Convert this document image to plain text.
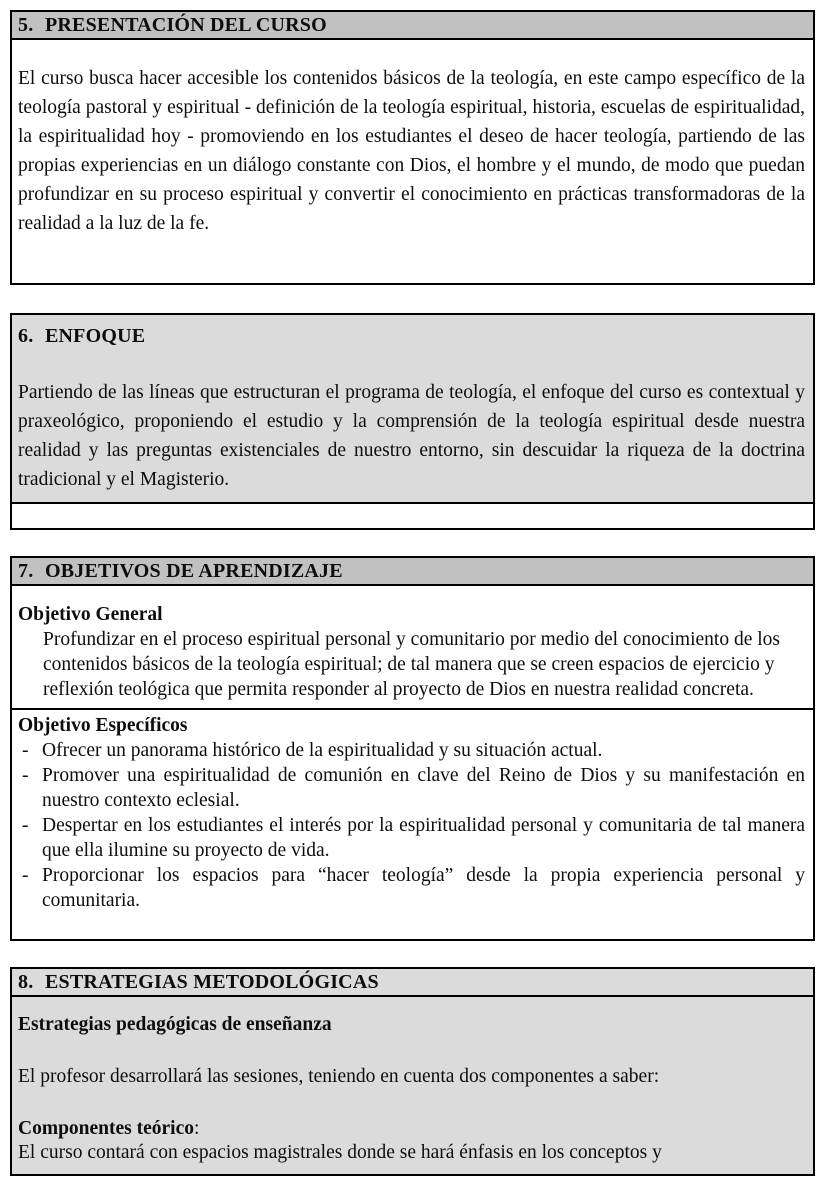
5. PRESENTACIÓN DEL CURSO

El curso busca hacer accesible los contenidos básicos de la teología, en este campo específico de la teología pastoral y espiritual - definición de la teología espiritual, historia, escuelas de espiritualidad, la espiritualidad hoy - promoviendo en los estudiantes el deseo de hacer teología, partiendo de las propias experiencias en un diálogo constante con Dios, el hombre y el mundo, de modo que puedan profundizar en su proceso espiritual y convertir el conocimiento en prácticas transformadoras de la realidad a la luz de la fe.

6. ENFOQUE

Partiendo de las líneas que estructuran el programa de teología, el enfoque del curso es contextual y praxeológico, proponiendo el estudio y la comprensión de la teología espiritual desde nuestra realidad y las preguntas existenciales de nuestro entorno, sin descuidar la riqueza de la doctrina tradicional y el Magisterio.

7. OBJETIVOS DE APRENDIZAJE
Objetivo General

Profundizar en el proceso espiritual personal y comunitario por medio del conocimiento de los contenidos básicos de la teología espiritual; de tal manera que se creen espacios de ejercicio y reflexión teológica que permita responder al proyecto de Dios en nuestra realidad concreta.

Objetivo Específicos
- Ofrecer un panorama histórico de la espiritualidad y su situación actual.
- Promover una espiritualidad de comunión en clave del Reino de Dios y su manifestación en nuestro contexto eclesial.
- Despertar en los estudiantes el interés por la espiritualidad personal y comunitaria de tal manera que ella ilumine su proyecto de vida.
- Proporcionar los espacios para “hacer teología” desde la propia experiencia personal y comunitaria.
8. ESTRATEGIAS METODOLÓGICAS
Estrategias pedagógicas de enseñanza

El profesor desarrollará las sesiones, teniendo en cuenta dos componentes a saber:

Componentes teórico:

El curso contará con espacios magistrales donde se hará énfasis en los conceptos y
